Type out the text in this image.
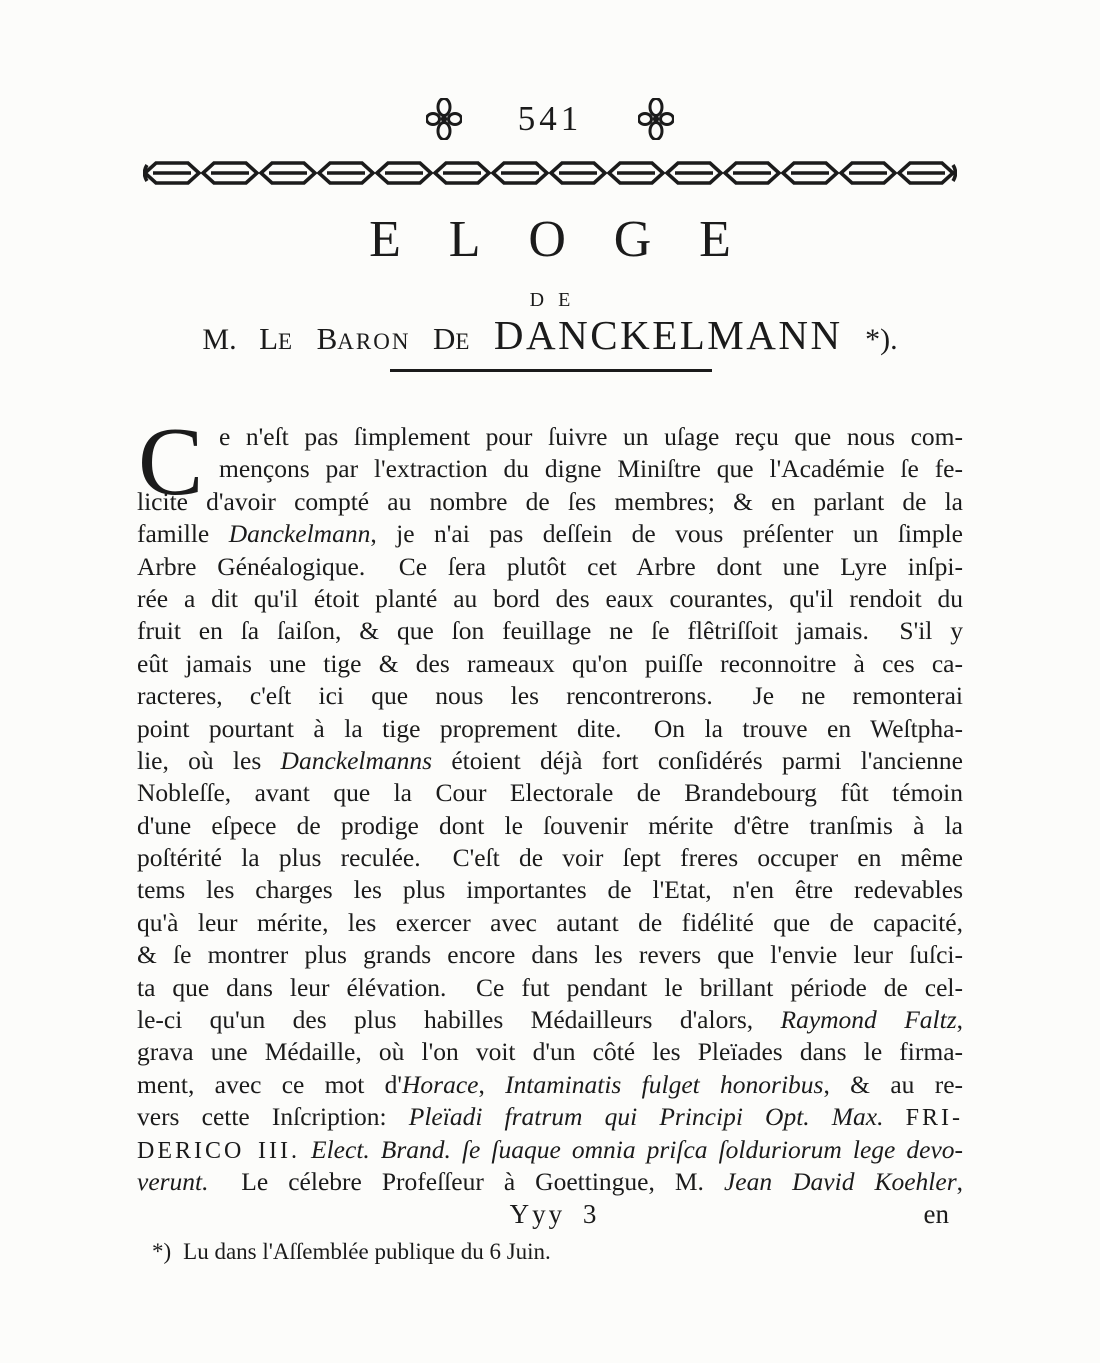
541
ELOGE
DE
M. LE BARON DE DANCKELMANN *).
C e n'eſt pas ſimplement pour ſuivre un uſage reçu que nous com-
mençons par l'extraction du digne Miniſtre que l'Académie ſe fe-
licite d'avoir compté au nombre de ſes membres; & en parlant de la
famille Danckelmann, je n'ai pas deſſein de vous préſenter un ſimple
Arbre Généalogique.  Ce ſera plutôt cet Arbre dont une Lyre inſpi-
rée a dit qu'il étoit planté au bord des eaux courantes, qu'il rendoit du
fruit en ſa ſaiſon, & que ſon feuillage ne ſe flêtriſſoit jamais.  S'il y
eût jamais une tige & des rameaux qu'on puiſſe reconnoitre à ces ca-
racteres, c'eſt ici que nous les rencontrerons.  Je ne remonterai
point pourtant à la tige proprement dite.  On la trouve en Weſtpha-
lie, où les Danckelmanns étoient déjà fort conſidérés parmi l'ancienne
Nobleſſe, avant que la Cour Electorale de Brandebourg fût témoin
d'une eſpece de prodige dont le ſouvenir mérite d'être tranſmis à la
poſtérité la plus reculée.  C'eſt de voir ſept freres occuper en même
tems les charges les plus importantes de l'Etat, n'en être redevables
qu'à leur mérite, les exercer avec autant de fidélité que de capacité,
& ſe montrer plus grands encore dans les revers que l'envie leur ſuſci-
ta que dans leur élévation.  Ce fut pendant le brillant période de cel-
le-ci qu'un des plus habilles Médailleurs d'alors, Raymond Faltz,
grava une Médaille, où l'on voit d'un côté les Pleïades dans le firma-
ment, avec ce mot d'Horace, Intaminatis fulget honoribus, & au re-
vers cette Inſcription: Pleïadi fratrum qui Principi Opt. Max. FRI-
DERICO III. Elect. Brand. ſe ſuaque omnia priſca ſolduriorum lege devo-
verunt.  Le célebre Profeſſeur à Goettingue, M. Jean David Koehler,
Yyy 3	en
*) Lu dans l'Aſſemblée publique du 6 Juin.
